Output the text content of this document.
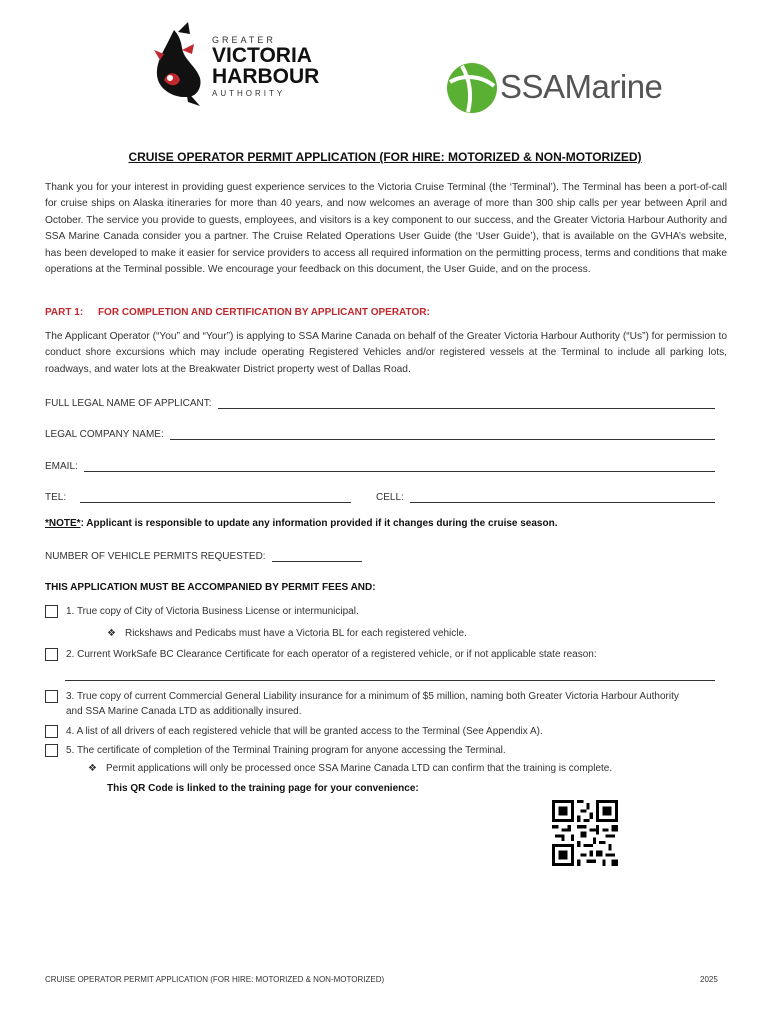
GREATER
VICTORIA
HARBOUR
AUTHORITY	SSAMarine
CRUISE OPERATOR PERMIT APPLICATION (FOR HIRE: MOTORIZED & NON-MOTORIZED)
Thank you for your interest in providing guest experience services to the Victoria Cruise Terminal (the ‘Terminal’). The Terminal has been a port-of-call for cruise ships on Alaska itineraries for more than 40 years, and now welcomes an average of more than 300 ship calls per year between April and October. The service you provide to guests, employees, and visitors is a key component to our success, and the Greater Victoria Harbour Authority and SSA Marine Canada consider you a partner. The Cruise Related Operations User Guide (the ‘User Guide’), that is available on the GVHA’s website, has been developed to make it easier for service providers to access all required information on the permitting process, terms and conditions that make operations at the Terminal possible. We encourage your feedback on this document, the User Guide, and on the process.
PART 1: FOR COMPLETION AND CERTIFICATION BY APPLICANT OPERATOR:
The Applicant Operator (“You” and “Your”) is applying to SSA Marine Canada on behalf of the Greater Victoria Harbour Authority (“Us”) for permission to conduct shore excursions which may include operating Registered Vehicles and/or registered vessels at the Terminal to include all parking lots, roadways, and water lots at the Breakwater District property west of Dallas Road.
FULL LEGAL NAME OF APPLICANT:
LEGAL COMPANY NAME:
EMAIL:
TEL:	CELL:
*NOTE*: Applicant is responsible to update any information provided if it changes during the cruise season.
NUMBER OF VEHICLE PERMITS REQUESTED:
THIS APPLICATION MUST BE ACCOMPANIED BY PERMIT FEES AND:
1. True copy of City of Victoria Business License or intermunicipal.
❖ Rickshaws and Pedicabs must have a Victoria BL for each registered vehicle.
2. Current WorkSafe BC Clearance Certificate for each operator of a registered vehicle, or if not applicable state reason:
3. True copy of current Commercial General Liability insurance for a minimum of $5 million, naming both Greater Victoria Harbour Authority and SSA Marine Canada LTD as additionally insured.
4. A list of all drivers of each registered vehicle that will be granted access to the Terminal (See Appendix A).
5. The certificate of completion of the Terminal Training program for anyone accessing the Terminal.
❖ Permit applications will only be processed once SSA Marine Canada LTD can confirm that the training is complete.
This QR Code is linked to the training page for your convenience:
CRUISE OPERATOR PERMIT APPLICATION (FOR HIRE: MOTORIZED & NON-MOTORIZED)	2025
